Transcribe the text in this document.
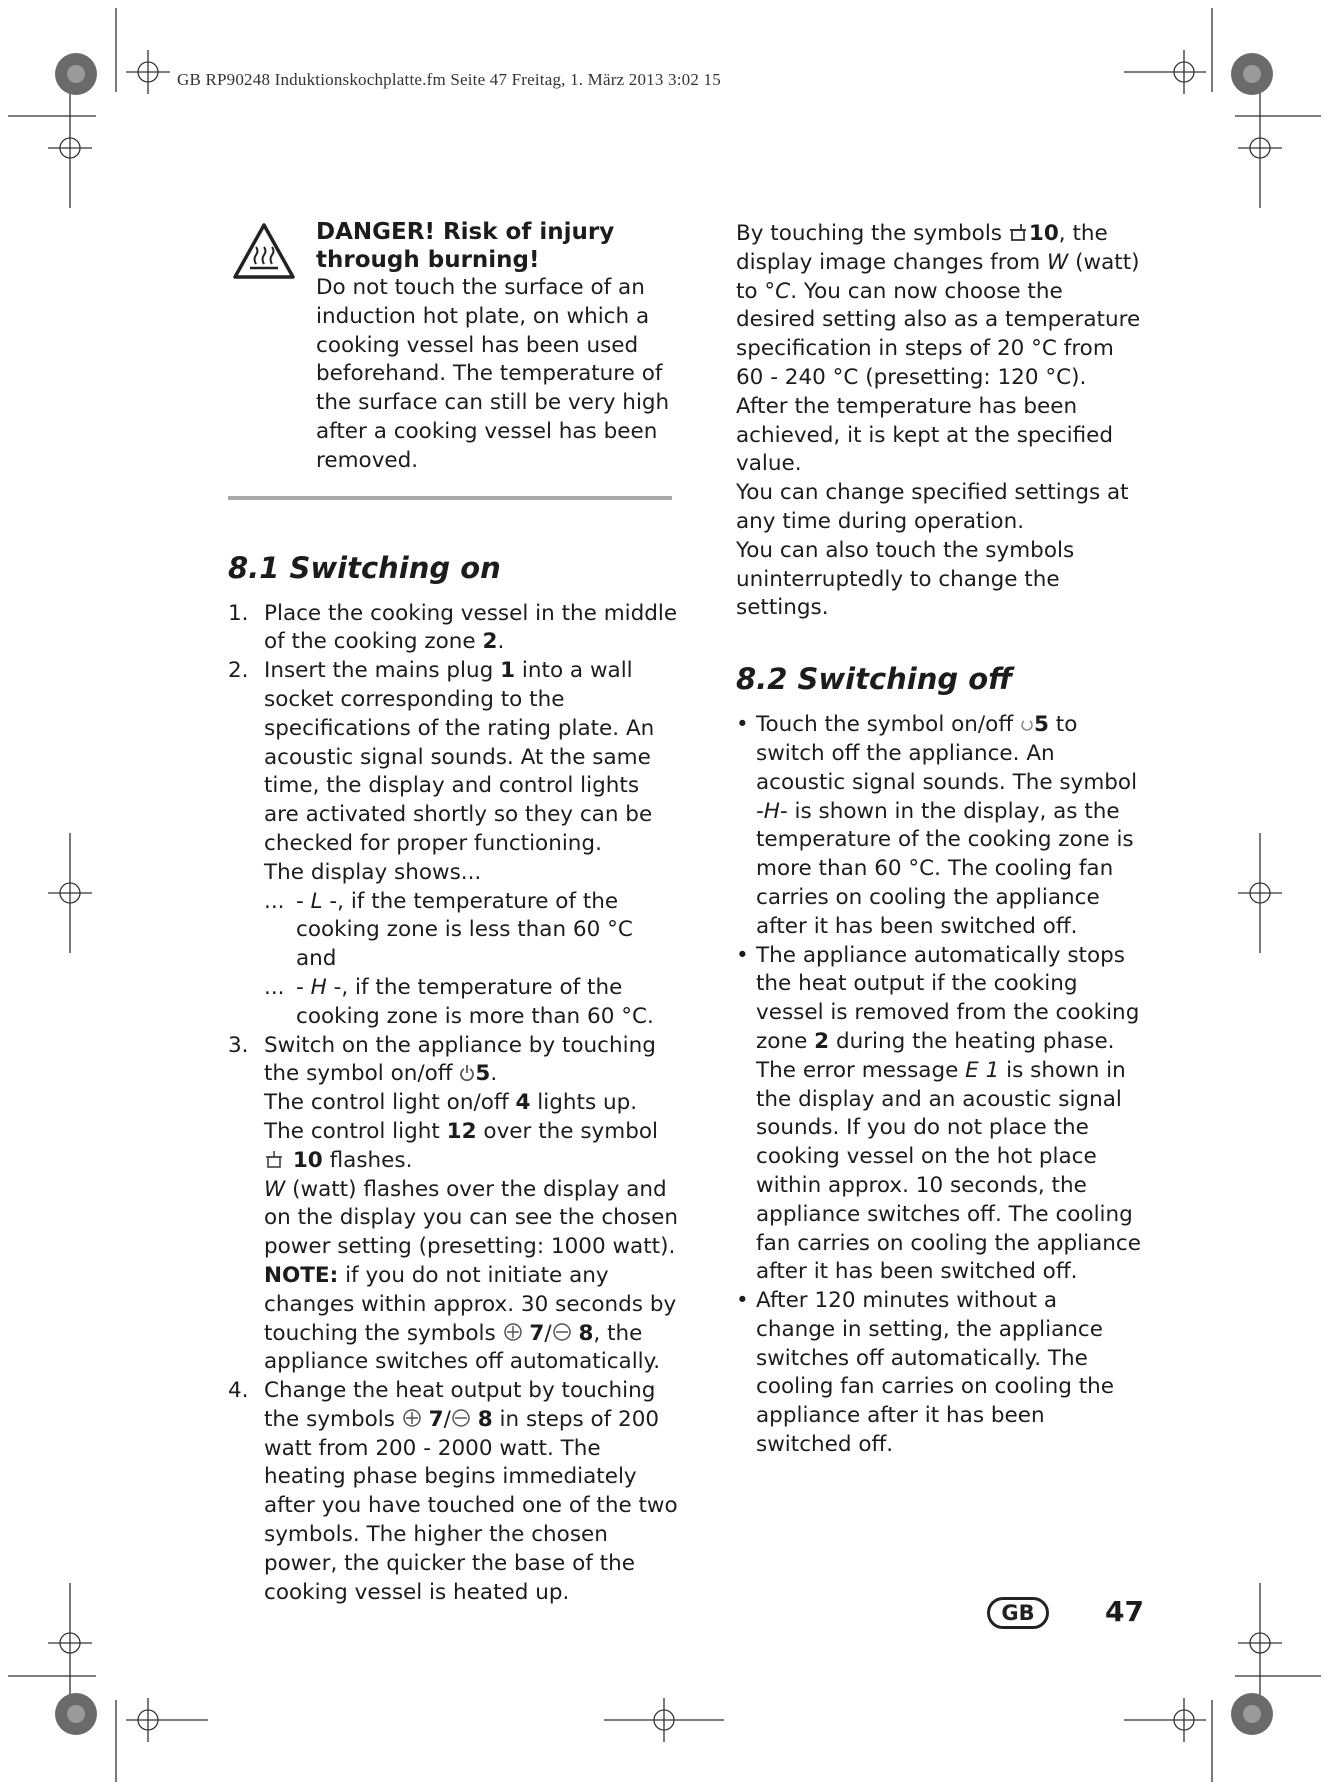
GB RP90248 Induktionskochplatte.fm Seite 47 Freitag, 1. März 2013 3:02 15
DANGER! Risk of injury through burning!

Do not touch the surface of an induction hot plate, on which a cooking vessel has been used beforehand. The temperature of the surface can still be very high after a cooking vessel has been removed.

8.1 Switching on
1. Place the cooking vessel in the middle of the cooking zone 2.
2. Insert the mains plug 1 into a wall socket corresponding to the specifications of the rating plate. An acoustic signal sounds. At the same time, the display and control lights are activated shortly so they can be checked for proper functioning.

The display shows...

... - L -, if the temperature of the cooking zone is less than 60 °C and

... - H -, if the temperature of the cooking zone is more than 60 °C.

3. Switch on the appliance by touching the symbol on/off 5.

The control light on/off 4 lights up.

The control light 12 over the symbol

10 flashes.

W (watt) flashes over the display and on the display you can see the chosen power setting (presetting: 1000 watt).

NOTE: if you do not initiate any changes within approx. 30 seconds by touching the symbols  7/ 8, the appliance switches off automatically.

4. Change the heat output by touching the symbols  7/ 8 in steps of 200 watt from 200 - 2000 watt. The heating phase begins immediately after you have touched one of the two symbols. The higher the chosen power, the quicker the base of the cooking vessel is heated up.

By touching the symbols 10, the display image changes from W (watt) to °C. You can now choose the desired setting also as a temperature specification in steps of 20 °C from 60 - 240 °C (presetting: 120 °C). After the temperature has been achieved, it is kept at the specified value.

You can change specified settings at any time during operation.

You can also touch the symbols uninterruptedly to change the settings.

8.2 Switching off
• Touch the symbol on/off 5 to switch off the appliance. An acoustic signal sounds. The symbol -H- is shown in the display, as the temperature of the cooking zone is more than 60 °C. The cooling fan carries on cooling the appliance after it has been switched off.
• The appliance automatically stops the heat output if the cooking vessel is removed from the cooking zone 2 during the heating phase. The error message E 1 is shown in the display and an acoustic signal sounds. If you do not place the cooking vessel on the hot place within approx. 10 seconds, the appliance switches off. The cooling fan carries on cooling the appliance after it has been switched off.
• After 120 minutes without a change in setting, the appliance switches off automatically. The cooling fan carries on cooling the appliance after it has been switched off.
GB	47
